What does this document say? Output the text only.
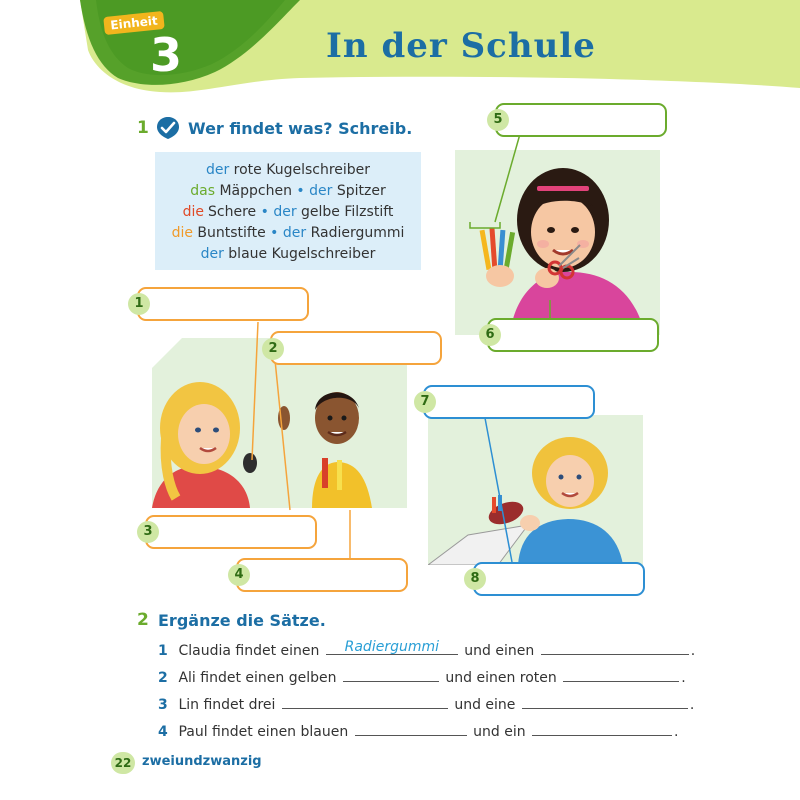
Einheit
3	In der Schule
1 Wer findet was? Schreib.
der rote Kugelschreiber
das Mäppchen • der Spitzer
die Schere • der gelbe Filzstift
die Buntstifte • der Radiergummi
der blaue Kugelschreiber
1
2
3
4
5
6
7
8
2 Ergänze die Sätze.
1 Claudia findet einen	Radiergummi	und einen	.
2 Ali findet einen gelben	und einen roten	.
3 Lin findet drei	und eine	.
4 Paul findet einen blauen	und ein	.
22 zweiundzwanzig
